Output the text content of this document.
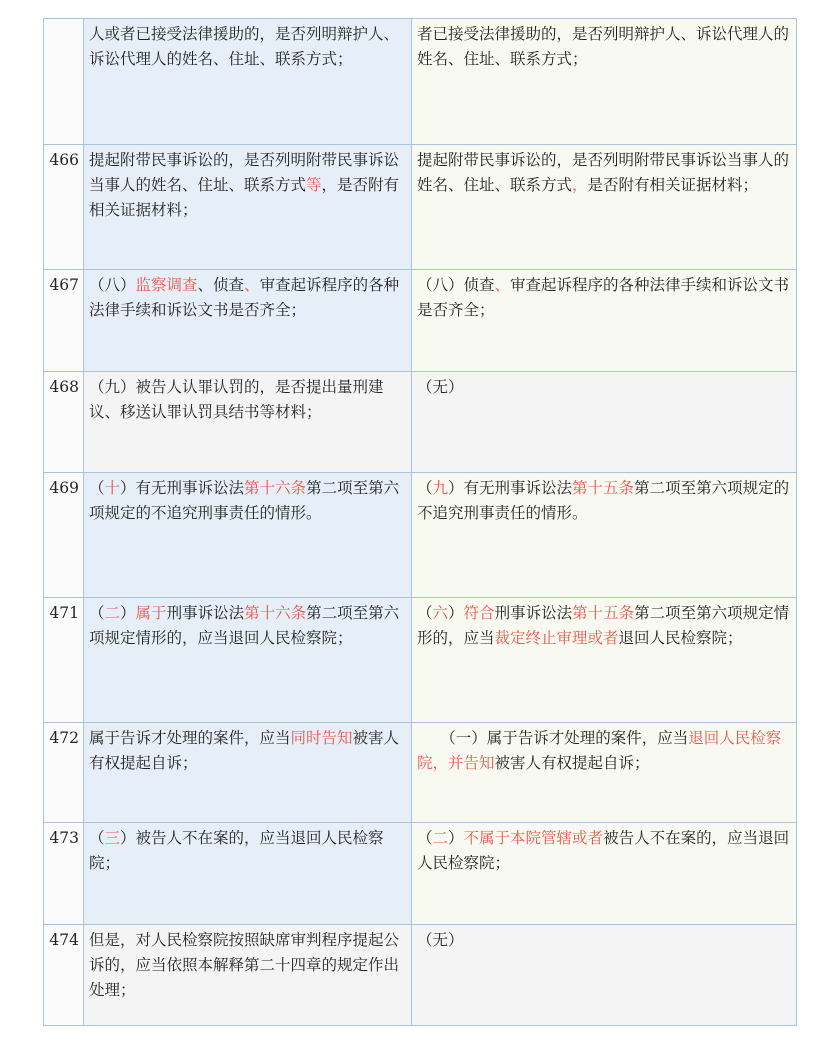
	人或者已接受法律援助的，是否列明辩护人、诉讼代理人的姓名、住址、联系方式；	者已接受法律援助的，是否列明辩护人、诉讼代理人的姓名、住址、联系方式；
466	提起附带民事诉讼的，是否列明附带民事诉讼当事人的姓名、住址、联系方式等，是否附有相关证据材料；	提起附带民事诉讼的，是否列明附带民事诉讼当事人的姓名、住址、联系方式，是否附有相关证据材料；
467	（八）监察调查、侦查、审查起诉程序的各种法律手续和诉讼文书是否齐全；	（八）侦查、审查起诉程序的各种法律手续和诉讼文书是否齐全；
468	（九）被告人认罪认罚的，是否提出量刑建议、移送认罪认罚具结书等材料；	（无）
469	（十）有无刑事诉讼法第十六条第二项至第六项规定的不追究刑事责任的情形。	（九）有无刑事诉讼法第十五条第二项至第六项规定的不追究刑事责任的情形。
471	（二）属于刑事诉讼法第十六条第二项至第六项规定情形的，应当退回人民检察院；	（六）符合刑事诉讼法第十五条第二项至第六项规定情形的，应当裁定终止审理或者退回人民检察院；
472	属于告诉才处理的案件，应当同时告知被害人有权提起自诉；	　　（一）属于告诉才处理的案件，应当退回人民检察院，并告知被害人有权提起自诉；
473	（三）被告人不在案的，应当退回人民检察院；	（二）不属于本院管辖或者被告人不在案的，应当退回人民检察院；
474	但是，对人民检察院按照缺席审判程序提起公诉的，应当依照本解释第二十四章的规定作出处理；	（无）
